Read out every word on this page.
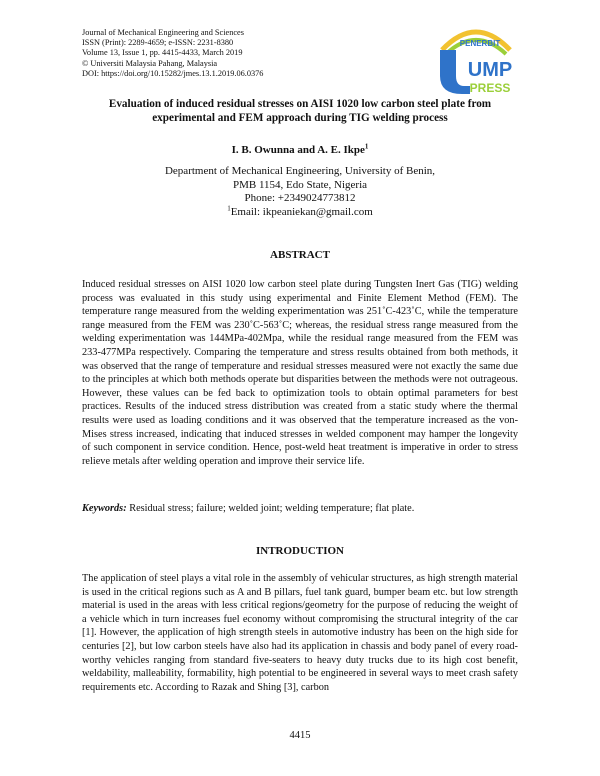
Journal of Mechanical Engineering and Sciences
ISSN (Print): 2289-4659; e-ISSN: 2231-8380
Volume 13, Issue 1, pp. 4415-4433, March 2019
© Universiti Malaysia Pahang, Malaysia
DOI: https://doi.org/10.15282/jmes.13.1.2019.06.0376
PENERBIT
UMP
PRESS
Evaluation of induced residual stresses on AISI 1020 low carbon steel plate from experimental and FEM approach during TIG welding process
I. B. Owunna and A. E. Ikpe$^1$
Department of Mechanical Engineering, University of Benin,
PMB 1154, Edo State, Nigeria
Phone: +2349024773812
$^1$Email: ikpeaniekan@gmail.com
ABSTRACT
Induced residual stresses on AISI 1020 low carbon steel plate during Tungsten Inert Gas (TIG) welding process was evaluated in this study using experimental and Finite Element Method (FEM). The temperature range measured from the welding experimentation was 251˚C-423˚C, while the temperature range measured from the FEM was 230˚C-563˚C; whereas, the residual stress range measured from the welding experimentation was 144MPa-402Mpa, while the residual range measured from the FEM was 233-477MPa respectively. Comparing the temperature and stress results obtained from both methods, it was observed that the range of temperature and residual stresses measured were not exactly the same due to the principles at which both methods operate but disparities between the methods were not outrageous. However, these values can be fed back to optimization tools to obtain optimal parameters for best practices. Results of the induced stress distribution was created from a static study where the thermal results were used as loading conditions and it was observed that the temperature increased as the von-Mises stress increased, indicating that induced stresses in welded component may hamper the longevity of such component in service condition. Hence, post-weld heat treatment is imperative in order to stress relieve metals after welding operation and improve their service life.
Keywords: Residual stress; failure; welded joint; welding temperature; flat plate.
INTRODUCTION
The application of steel plays a vital role in the assembly of vehicular structures, as high strength material is used in the critical regions such as A and B pillars, fuel tank guard, bumper beam etc. but low strength material is used in the areas with less critical regions/geometry for the purpose of reducing the weight of a vehicle which in turn increases fuel economy without compromising the structural integrity of the car [1]. However, the application of high strength steels in automotive industry has been on the high side for centuries [2], but low carbon steels have also had its application in chassis and body panel of every road-worthy vehicles ranging from standard five-seaters to heavy duty trucks due to its high cost benefit, weldability, malleability, formability, high potential to be engineered in several ways to meet crash safety requirements etc. According to Razak and Shing [3], carbon
4415
